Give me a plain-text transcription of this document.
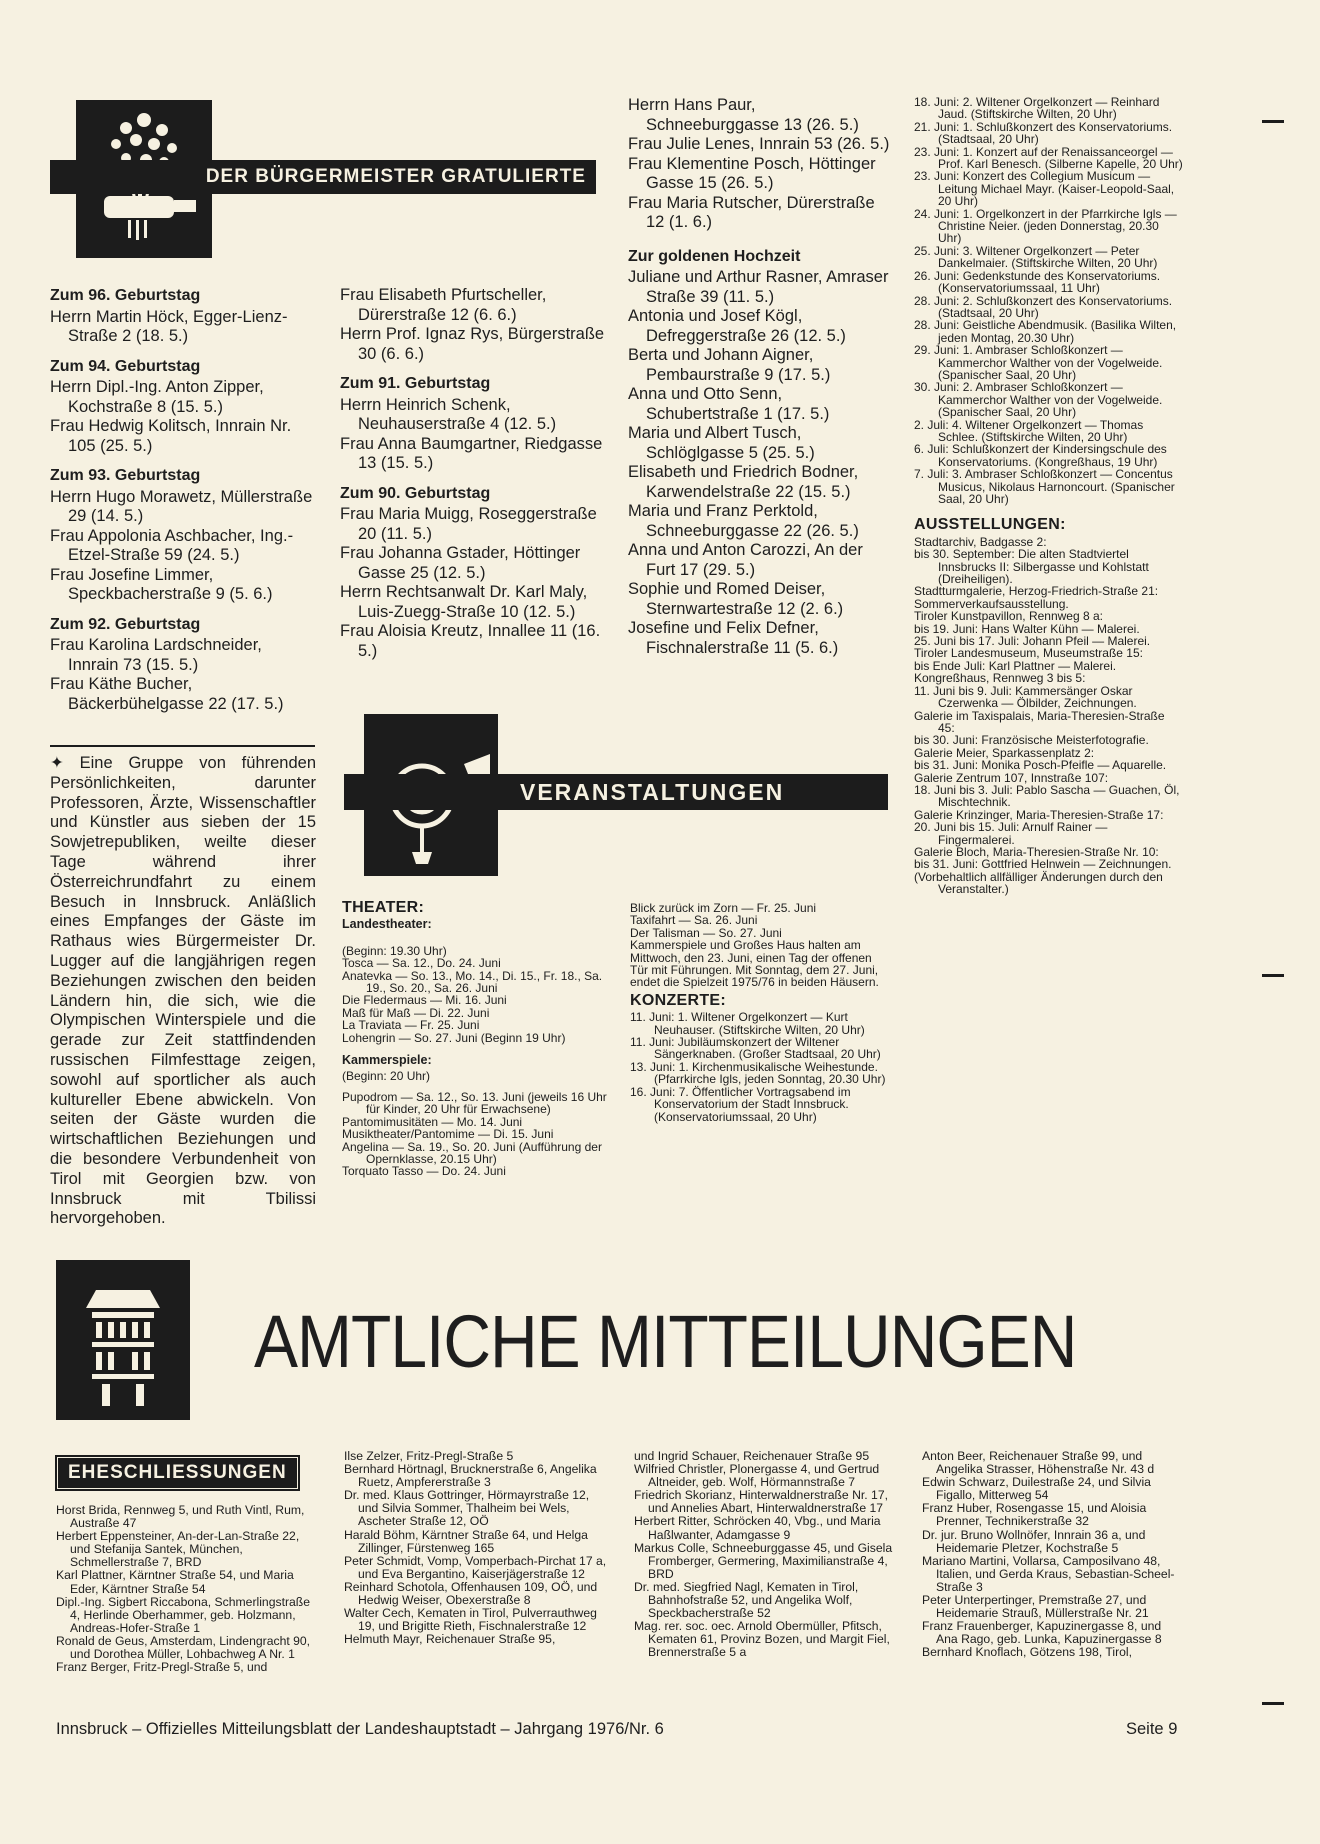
DER BÜRGERMEISTER GRATULIERTE
Zum 96. Geburtstag

Herrn Martin Höck, Egger-Lienz-Straße 2 (18. 5.)

Zum 94. Geburtstag

Herrn Dipl.-Ing. Anton Zipper, Kochstraße 8 (15. 5.)

Frau Hedwig Kolitsch, Innrain Nr. 105 (25. 5.)

Zum 93. Geburtstag

Herrn Hugo Morawetz, Müllerstraße 29 (14. 5.)

Frau Appolonia Aschbacher, Ing.-Etzel-Straße 59 (24. 5.)

Frau Josefine Limmer, Speckbacherstraße 9 (5. 6.)

Zum 92. Geburtstag

Frau Karolina Lardschneider, Innrain 73 (15. 5.)

Frau Käthe Bucher, Bäckerbühelgasse 22 (17. 5.)

Frau Elisabeth Pfurtscheller, Dürerstraße 12 (6. 6.)

Herrn Prof. Ignaz Rys, Bürgerstraße 30 (6. 6.)

Zum 91. Geburtstag

Herrn Heinrich Schenk, Neuhauserstraße 4 (12. 5.)

Frau Anna Baumgartner, Riedgasse 13 (15. 5.)

Zum 90. Geburtstag

Frau Maria Muigg, Roseggerstraße 20 (11. 5.)

Frau Johanna Gstader, Höttinger Gasse 25 (12. 5.)

Herrn Rechtsanwalt Dr. Karl Maly, Luis-Zuegg-Straße 10 (12. 5.)

Frau Aloisia Kreutz, Innallee 11 (16. 5.)

Herrn Hans Paur, Schneeburggasse 13 (26. 5.)

Frau Julie Lenes, Innrain 53 (26. 5.)

Frau Klementine Posch, Höttinger Gasse 15 (26. 5.)

Frau Maria Rutscher, Dürerstraße 12 (1. 6.)

Zur goldenen Hochzeit

Juliane und Arthur Rasner, Amraser Straße 39 (11. 5.)

Antonia und Josef Kögl, Defreggerstraße 26 (12. 5.)

Berta und Johann Aigner, Pembaurstraße 9 (17. 5.)

Anna und Otto Senn, Schubertstraße 1 (17. 5.)

Maria und Albert Tusch, Schlöglgasse 5 (25. 5.)

Elisabeth und Friedrich Bodner, Karwendelstraße 22 (15. 5.)

Maria und Franz Perktold, Schneeburggasse 22 (26. 5.)

Anna und Anton Carozzi, An der Furt 17 (29. 5.)

Sophie und Romed Deiser, Sternwartestraße 12 (2. 6.)

Josefine und Felix Defner, Fischnalerstraße 11 (5. 6.)

✦ Eine Gruppe von führenden Persönlichkeiten, darunter Professoren, Ärzte, Wissenschaftler und Künstler aus sieben der 15 Sowjetrepubliken, weilte dieser Tage während ihrer Österreichrundfahrt zu einem Besuch in Innsbruck. Anläßlich eines Empfanges der Gäste im Rathaus wies Bürgermeister Dr. Lugger auf die langjährigen regen Beziehungen zwischen den beiden Ländern hin, die sich, wie die Olympischen Winterspiele und die gerade zur Zeit stattfindenden russischen Filmfesttage zeigen, sowohl auf sportlicher als auch kultureller Ebene abwickeln. Von seiten der Gäste wurden die wirtschaftlichen Beziehungen und die besondere Verbundenheit von Tirol mit Georgien bzw. von Innsbruck mit Tbilissi hervorgehoben.
VERANSTALTUNGEN
THEATER:
Landestheater:

(Beginn: 19.30 Uhr)

Tosca — Sa. 12., Do. 24. Juni

Anatevka — So. 13., Mo. 14., Di. 15., Fr. 18., Sa. 19., So. 20., Sa. 26. Juni

Die Fledermaus — Mi. 16. Juni

Maß für Maß — Di. 22. Juni

La Traviata — Fr. 25. Juni

Lohengrin — So. 27. Juni (Beginn 19 Uhr)

Kammerspiele:

(Beginn: 20 Uhr)

Pupodrom — Sa. 12., So. 13. Juni (jeweils 16 Uhr für Kinder, 20 Uhr für Erwachsene)

Pantomimusitäten — Mo. 14. Juni

Musiktheater/Pantomime — Di. 15. Juni

Angelina — Sa. 19., So. 20. Juni (Aufführung der Opernklasse, 20.15 Uhr)

Torquato Tasso — Do. 24. Juni

Blick zurück im Zorn — Fr. 25. Juni

Taxifahrt — Sa. 26. Juni

Der Talisman — So. 27. Juni

Kammerspiele und Großes Haus halten am Mittwoch, den 23. Juni, einen Tag der offenen Tür mit Führungen. Mit Sonntag, dem 27. Juni, endet die Spielzeit 1975/76 in beiden Häusern.

KONZERTE:

11. Juni: 1. Wiltener Orgelkonzert — Kurt Neuhauser. (Stiftskirche Wilten, 20 Uhr)

11. Juni: Jubiläumskonzert der Wiltener Sängerknaben. (Großer Stadtsaal, 20 Uhr)

13. Juni: 1. Kirchenmusikalische Weihestunde. (Pfarrkirche Igls, jeden Sonntag, 20.30 Uhr)

16. Juni: 7. Öffentlicher Vortragsabend im Konservatorium der Stadt Innsbruck. (Konservatoriumssaal, 20 Uhr)

18. Juni: 2. Wiltener Orgelkonzert — Reinhard Jaud. (Stiftskirche Wilten, 20 Uhr)

21. Juni: 1. Schlußkonzert des Konservatoriums. (Stadtsaal, 20 Uhr)

23. Juni: 1. Konzert auf der Renaissanceorgel — Prof. Karl Benesch. (Silberne Kapelle, 20 Uhr)

23. Juni: Konzert des Collegium Musicum — Leitung Michael Mayr. (Kaiser-Leopold-Saal, 20 Uhr)

24. Juni: 1. Orgelkonzert in der Pfarrkirche Igls — Christine Neier. (jeden Donnerstag, 20.30 Uhr)

25. Juni: 3. Wiltener Orgelkonzert — Peter Dankelmaier. (Stiftskirche Wilten, 20 Uhr)

26. Juni: Gedenkstunde des Konservatoriums. (Konservatoriumssaal, 11 Uhr)

28. Juni: 2. Schlußkonzert des Konservatoriums. (Stadtsaal, 20 Uhr)

28. Juni: Geistliche Abendmusik. (Basilika Wilten, jeden Montag, 20.30 Uhr)

29. Juni: 1. Ambraser Schloßkonzert — Kammerchor Walther von der Vogelweide. (Spanischer Saal, 20 Uhr)

30. Juni: 2. Ambraser Schloßkonzert — Kammerchor Walther von der Vogelweide. (Spanischer Saal, 20 Uhr)

2. Juli: 4. Wiltener Orgelkonzert — Thomas Schlee. (Stiftskirche Wilten, 20 Uhr)

6. Juli: Schlußkonzert der Kindersingschule des Konservatoriums. (Kongreßhaus, 19 Uhr)

7. Juli: 3. Ambraser Schloßkonzert — Concentus Musicus, Nikolaus Harnoncourt. (Spanischer Saal, 20 Uhr)

AUSSTELLUNGEN:

Stadtarchiv, Badgasse 2:

bis 30. September: Die alten Stadtviertel Innsbrucks II: Silbergasse und Kohlstatt (Dreiheiligen).

Stadtturmgalerie, Herzog-Friedrich-Straße 21:

Sommerverkaufsausstellung.

Tiroler Kunstpavillon, Rennweg 8 a:

bis 19. Juni: Hans Walter Kühn — Malerei.

25. Juni bis 17. Juli: Johann Pfeil — Malerei.

Tiroler Landesmuseum, Museumstraße 15:

bis Ende Juli: Karl Plattner — Malerei.

Kongreßhaus, Rennweg 3 bis 5:

11. Juni bis 9. Juli: Kammersänger Oskar Czerwenka — Ölbilder, Zeichnungen.

Galerie im Taxispalais, Maria-Theresien-Straße 45:

bis 30. Juni: Französische Meisterfotografie.

Galerie Meier, Sparkassenplatz 2:

bis 31. Juni: Monika Posch-Pfeifle — Aquarelle.

Galerie Zentrum 107, Innstraße 107:

18. Juni bis 3. Juli: Pablo Sascha — Guachen, Öl, Mischtechnik.

Galerie Krinzinger, Maria-Theresien-Straße 17:

20. Juni bis 15. Juli: Arnulf Rainer — Fingermalerei.

Galerie Bloch, Maria-Theresien-Straße Nr. 10:

bis 31. Juni: Gottfried Helnwein — Zeichnungen.

(Vorbehaltlich allfälliger Änderungen durch den Veranstalter.)

AMTLICHE MITTEILUNGEN
EHESCHLIESSUNGEN

Horst Brida, Rennweg 5, und Ruth Vintl, Rum, Austraße 47

Herbert Eppensteiner, An-der-Lan-Straße 22, und Stefanija Santek, München, Schmellerstraße 7, BRD

Karl Plattner, Kärntner Straße 54, und Maria Eder, Kärntner Straße 54

Dipl.-Ing. Sigbert Riccabona, Schmerlingstraße 4, Herlinde Oberhammer, geb. Holzmann, Andreas-Hofer-Straße 1

Ronald de Geus, Amsterdam, Lindengracht 90, und Dorothea Müller, Lohbachweg A Nr. 1

Franz Berger, Fritz-Pregl-Straße 5, und

Ilse Zelzer, Fritz-Pregl-Straße 5

Bernhard Hörtnagl, Brucknerstraße 6, Angelika Ruetz, Ampfererstraße 3

Dr. med. Klaus Gottringer, Hörmayrstraße 12, und Silvia Sommer, Thalheim bei Wels, Ascheter Straße 12, OÖ

Harald Böhm, Kärntner Straße 64, und Helga Zillinger, Fürstenweg 165

Peter Schmidt, Vomp, Vomperbach-Pirchat 17 a, und Eva Bergantino, Kaiserjägerstraße 12

Reinhard Schotola, Offenhausen 109, OÖ, und Hedwig Weiser, Obexerstraße 8

Walter Cech, Kematen in Tirol, Pulverrauthweg 19, und Brigitte Rieth, Fischnalerstraße 12

Helmuth Mayr, Reichenauer Straße 95,

und Ingrid Schauer, Reichenauer Straße 95

Wilfried Christler, Plonergasse 4, und Gertrud Altneider, geb. Wolf, Hörmannstraße 7

Friedrich Skorianz, Hinterwaldnerstraße Nr. 17, und Annelies Abart, Hinterwaldnerstraße 17

Herbert Ritter, Schröcken 40, Vbg., und Maria Haßlwanter, Adamgasse 9

Markus Colle, Schneeburggasse 45, und Gisela Fromberger, Germering, Maximilianstraße 4, BRD

Dr. med. Siegfried Nagl, Kematen in Tirol, Bahnhofstraße 52, und Angelika Wolf, Speckbacherstraße 52

Mag. rer. soc. oec. Arnold Obermüller, Pfitsch, Kematen 61, Provinz Bozen, und Margit Fiel, Brennerstraße 5 a

Anton Beer, Reichenauer Straße 99, und Angelika Strasser, Höhenstraße Nr. 43 d

Edwin Schwarz, Duilestraße 24, und Silvia Figallo, Mitterweg 54

Franz Huber, Rosengasse 15, und Aloisia Prenner, Technikerstraße 32

Dr. jur. Bruno Wollnöfer, Innrain 36 a, und Heidemarie Pletzer, Kochstraße 5

Mariano Martini, Vollarsa, Camposilvano 48, Italien, und Gerda Kraus, Sebastian-Scheel-Straße 3

Peter Unterpertinger, Premstraße 27, und Heidemarie Strauß, Müllerstraße Nr. 21

Franz Frauenberger, Kapuzinergasse 8, und Ana Rago, geb. Lunka, Kapuzinergasse 8

Bernhard Knoflach, Götzens 198, Tirol,

Innsbruck – Offizielles Mitteilungsblatt der Landeshauptstadt – Jahrgang 1976/Nr. 6	Seite 9
